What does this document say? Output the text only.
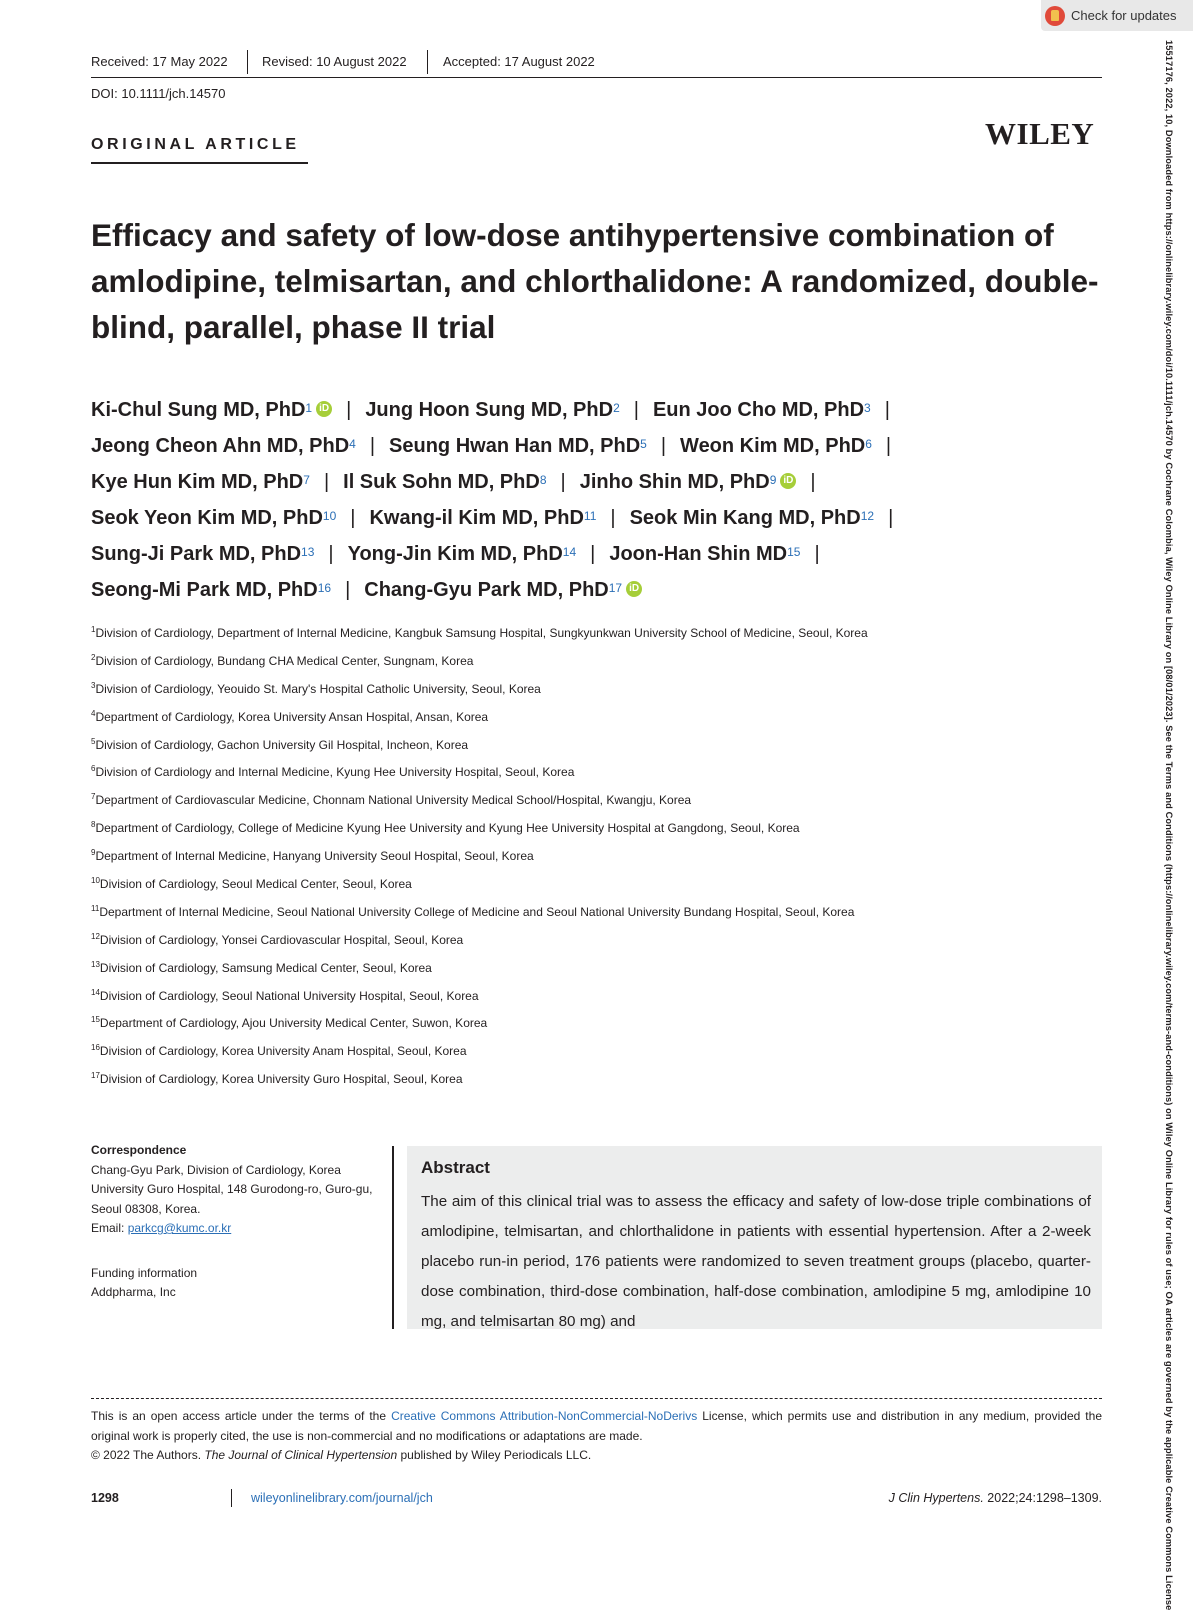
Check for updates
Received: 17 May 2022	Revised: 10 August 2022	Accepted: 17 August 2022
DOI: 10.1111/jch.14570
ORIGINAL ARTICLE	WILEY
Efficacy and safety of low-dose antihypertensive combination of amlodipine, telmisartan, and chlorthalidone: A randomized, double-blind, parallel, phase II trial
Ki-Chul Sung MD, PhD$^1$ iD | Jung Hoon Sung MD, PhD$^2$ | Eun Joo Cho MD, PhD$^3$ |
Jeong Cheon Ahn MD, PhD$^4$ | Seung Hwan Han MD, PhD$^5$ | Weon Kim MD, PhD$^6$ |
Kye Hun Kim MD, PhD$^7$ | Il Suk Sohn MD, PhD$^8$ | Jinho Shin MD, PhD$^9$ iD |
Seok Yeon Kim MD, PhD$^{10}$ | Kwang-il Kim MD, PhD$^{11}$ | Seok Min Kang MD, PhD$^{12}$ |
Sung-Ji Park MD, PhD$^{13}$ | Yong-Jin Kim MD, PhD$^{14}$ | Joon-Han Shin MD$^{15}$ |
Seong-Mi Park MD, PhD$^{16}$ | Chang-Gyu Park MD, PhD$^{17}$ iD
$^1$Division of Cardiology, Department of Internal Medicine, Kangbuk Samsung Hospital, Sungkyunkwan University School of Medicine, Seoul, Korea
$^2$Division of Cardiology, Bundang CHA Medical Center, Sungnam, Korea
$^3$Division of Cardiology, Yeouido St. Mary's Hospital Catholic University, Seoul, Korea
$^4$Department of Cardiology, Korea University Ansan Hospital, Ansan, Korea
$^5$Division of Cardiology, Gachon University Gil Hospital, Incheon, Korea
$^6$Division of Cardiology and Internal Medicine, Kyung Hee University Hospital, Seoul, Korea
$^7$Department of Cardiovascular Medicine, Chonnam National University Medical School/Hospital, Kwangju, Korea
$^8$Department of Cardiology, College of Medicine Kyung Hee University and Kyung Hee University Hospital at Gangdong, Seoul, Korea
$^9$Department of Internal Medicine, Hanyang University Seoul Hospital, Seoul, Korea
$^{10}$Division of Cardiology, Seoul Medical Center, Seoul, Korea
$^{11}$Department of Internal Medicine, Seoul National University College of Medicine and Seoul National University Bundang Hospital, Seoul, Korea
$^{12}$Division of Cardiology, Yonsei Cardiovascular Hospital, Seoul, Korea
$^{13}$Division of Cardiology, Samsung Medical Center, Seoul, Korea
$^{14}$Division of Cardiology, Seoul National University Hospital, Seoul, Korea
$^{15}$Department of Cardiology, Ajou University Medical Center, Suwon, Korea
$^{16}$Division of Cardiology, Korea University Anam Hospital, Seoul, Korea
$^{17}$Division of Cardiology, Korea University Guro Hospital, Seoul, Korea
Correspondence
Chang-Gyu Park, Division of Cardiology, Korea University Guro Hospital, 148 Gurodong-ro, Guro-gu, Seoul 08308, Korea.
Email: parkcg@kumc.or.kr
Funding information
Addpharma, Inc
Abstract
The aim of this clinical trial was to assess the efficacy and safety of low-dose triple combinations of amlodipine, telmisartan, and chlorthalidone in patients with essential hypertension. After a 2-week placebo run-in period, 176 patients were randomized to seven treatment groups (placebo, quarter-dose combination, third-dose combination, half-dose combination, amlodipine 5 mg, amlodipine 10 mg, and telmisartan 80 mg) and
This is an open access article under the terms of the Creative Commons Attribution-NonCommercial-NoDerivs License, which permits use and distribution in any medium, provided the original work is properly cited, the use is non-commercial and no modifications or adaptations are made.
© 2022 The Authors. The Journal of Clinical Hypertension published by Wiley Periodicals LLC.
1298	wileyonlinelibrary.com/journal/jch	J Clin Hypertens. 2022;24:1298–1309.	15517176, 2022, 10, Downloaded from https://onlinelibrary.wiley.com/doi/10.1111/jch.14570 by Cochrane Colombia, Wiley Online Library on [08/01/2023]. See the Terms and Conditions (https://onlinelibrary.wiley.com/terms-and-conditions) on Wiley Online Library for rules of use; OA articles are governed by the applicable Creative Commons License
